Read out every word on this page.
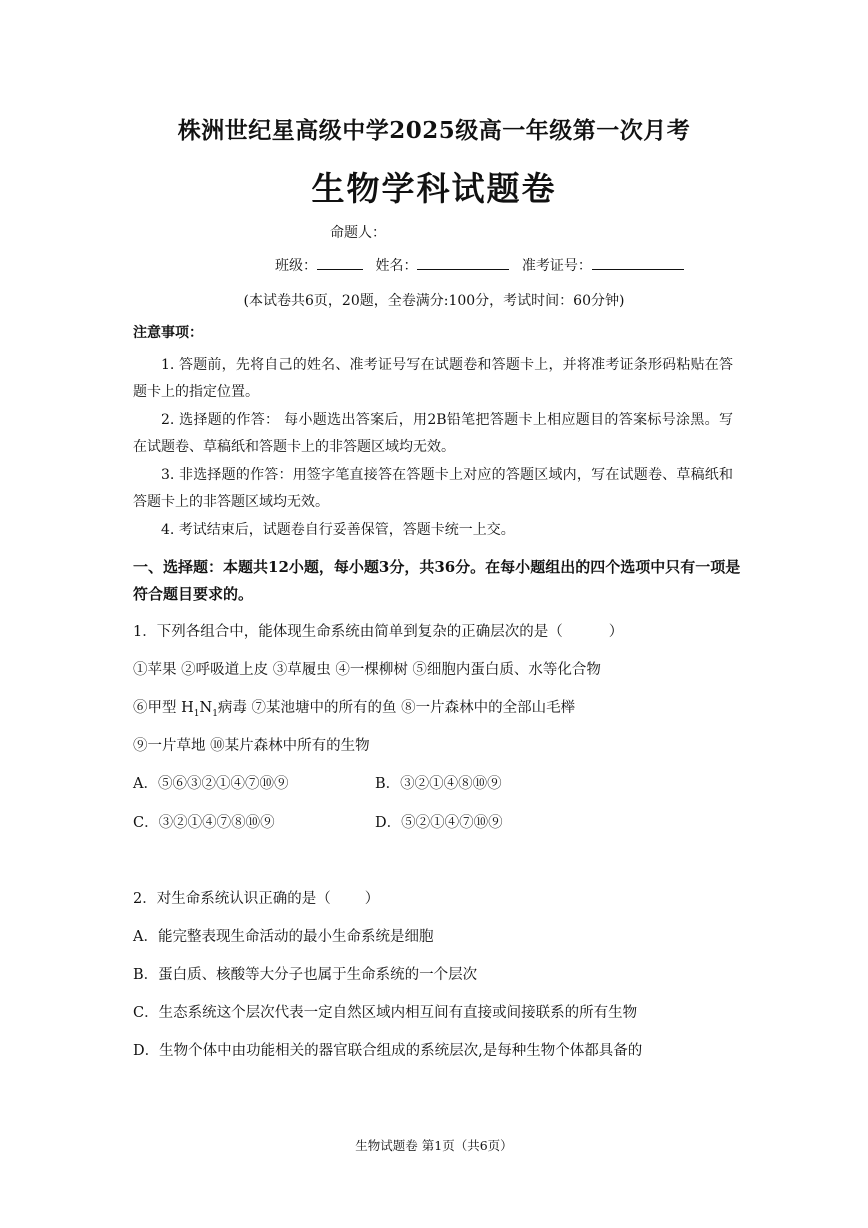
株洲世纪星高级中学2025级高一年级第一次月考
生物学科试题卷
命题人：
班级：	姓名：	准考证号：
(本试卷共6页，20题，全卷满分:100分，考试时间：60分钟)
注意事项：
1. 答题前，先将自己的姓名、准考证号写在试题卷和答题卡上，并将准考证条形码粘贴在答题卡上的指定位置。
2. 选择题的作答： 每小题选出答案后，用2B铅笔把答题卡上相应题目的答案标号涂黑。写在试题卷、草稿纸和答题卡上的非答题区域均无效。
3. 非选择题的作答：用签字笔直接答在答题卡上对应的答题区域内，写在试题卷、草稿纸和答题卡上的非答题区域均无效。
4. 考试结束后，试题卷自行妥善保管，答题卡统一上交。
一、选择题：本题共12小题，每小题3分，共36分。在每小题组出的四个选项中只有一项是符合题目要求的。
1．下列各组合中，能体现生命系统由简单到复杂的正确层次的是（	）
①苹果 ②呼吸道上皮 ③草履虫 ④一棵柳树 ⑤细胞内蛋白质、水等化合物
⑥甲型 $H_1N_1$病毒 ⑦某池塘中的所有的鱼 ⑧一片森林中的全部山毛榉
⑨一片草地 ⑩某片森林中所有的生物
A．⑤⑥③②①④⑦⑩⑨	B．③②①④⑧⑩⑨
C．③②①④⑦⑧⑩⑨	D．⑤②①④⑦⑩⑨
2．对生命系统认识正确的是（ ）
A．能完整表现生命活动的最小生命系统是细胞
B．蛋白质、核酸等大分子也属于生命系统的一个层次
C．生态系统这个层次代表一定自然区域内相互间有直接或间接联系的所有生物
D．生物个体中由功能相关的器官联合组成的系统层次,是每种生物个体都具备的
生物试题卷 第1页（共6页）
